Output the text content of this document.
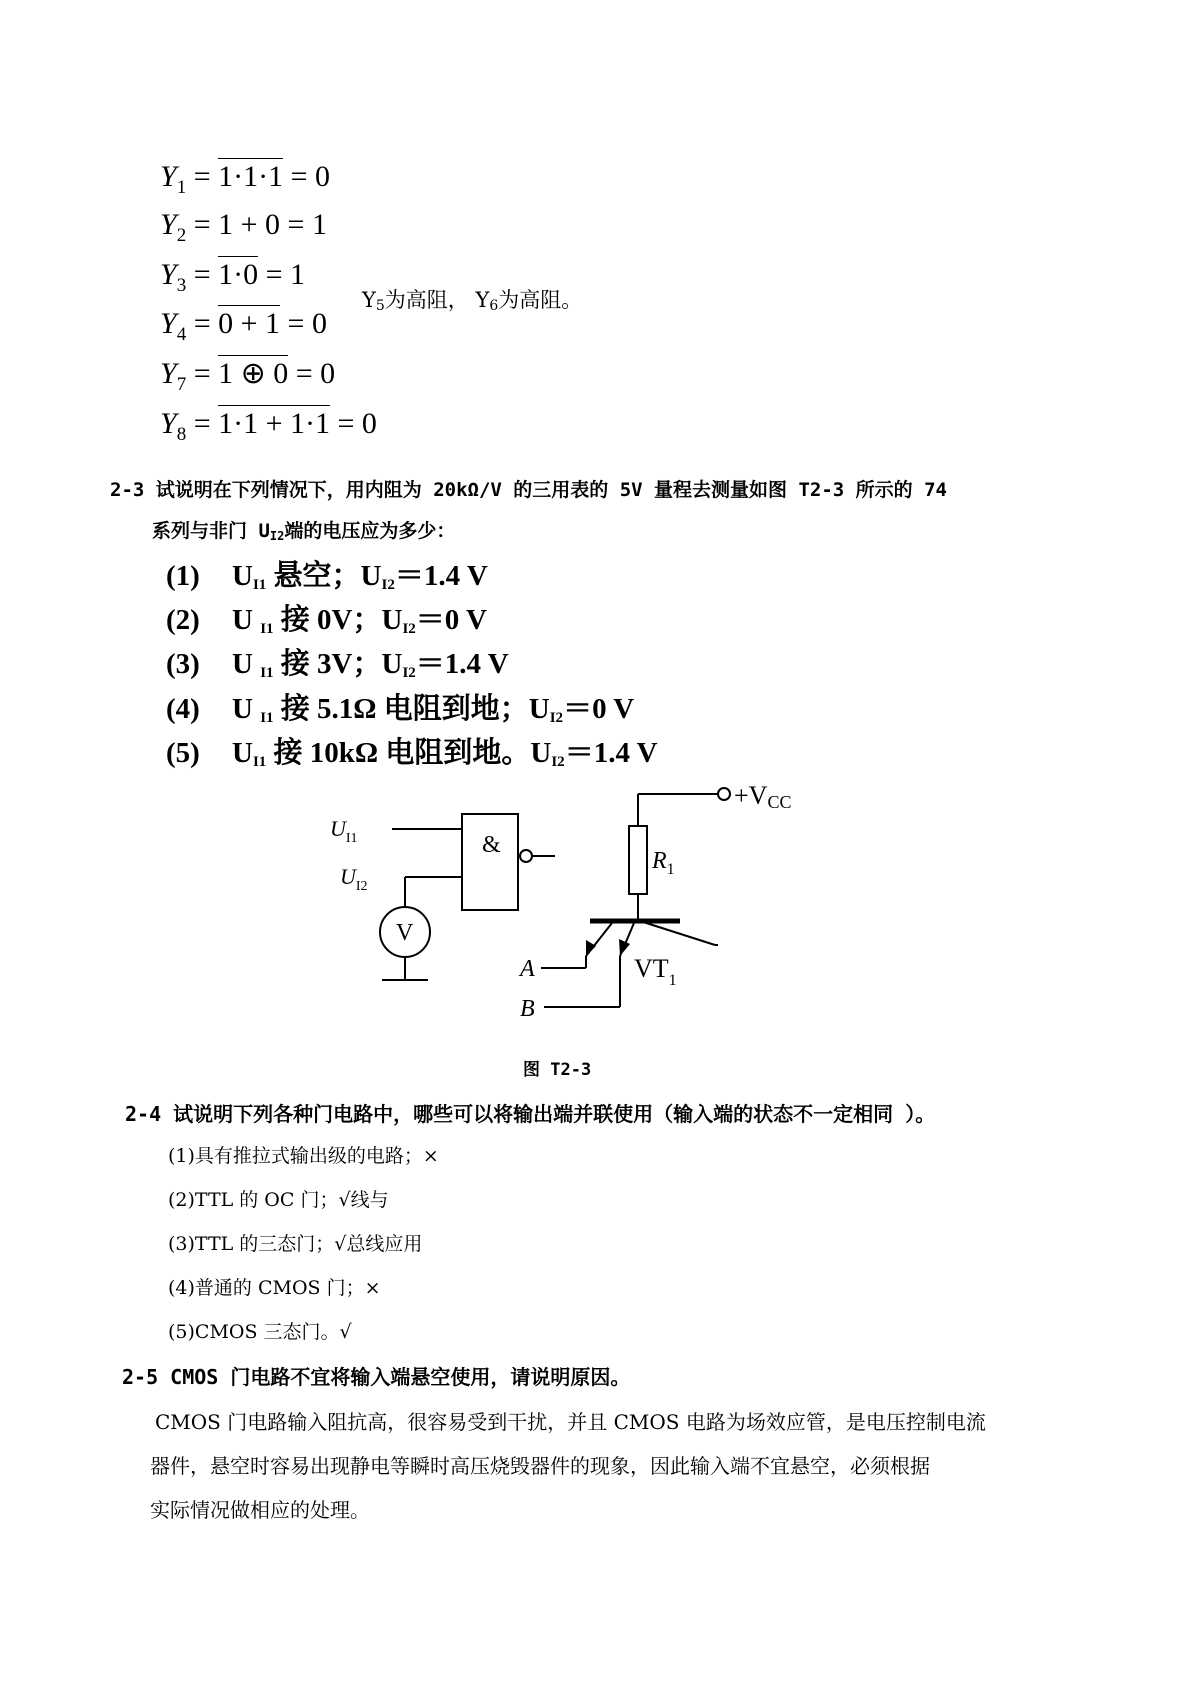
$Y_1 = 1\cdot 1\cdot 1 = 0$
$Y_2 = 1 + 0 = 1$
$Y_3 = 1\cdot 0 = 1$
$Y_4 = 0 + 1 = 0$
$Y_7 = 1$ ⊕ 0 = 0
$Y_8 = 1\cdot 1 + 1\cdot 1 = 0$
$Y_5$为高阻， $Y_6$为高阻。
2-3 试说明在下列情况下，用内阻为 20kΩ/V 的三用表的 5V 量程去测量如图 T2-3 所示的 74
系列与非门 $U_{I2}$端的电压应为多少：
(1) $U_{I1}$ 悬空；$U_{I2}=1.4$ V
(2) U $_{I1}$ 接 0V；$U_{I2}=0$ V
(3) U $_{I1}$ 接 3V；$U_{I2}=1.4$ V
(4) U $_{I1}$ 接 5.1Ω 电阻到地；$U_{I2}=0$ V
(5) $U_{I1}$ 接 10kΩ 电阻到地。$U_{I2}=1.4$ V
$U_{I1}$
$U_{I2}$
&
V
+VCC
$R_1$
A
B
$VT_1$
图 T2-3
2-4 试说明下列各种门电路中，哪些可以将输出端并联使用（输入端的状态不一定相同 ）。
(1)具有推拉式输出级的电路；×
(2)TTL 的 OC 门；√线与
(3)TTL 的三态门；√总线应用
(4)普通的 CMOS 门；×
(5)CMOS 三态门。√
2-5 CMOS 门电路不宜将输入端悬空使用，请说明原因。
CMOS 门电路输入阻抗高，很容易受到干扰，并且 CMOS 电路为场效应管，是电压控制电流
器件，悬空时容易出现静电等瞬时高压烧毁器件的现象，因此输入端不宜悬空，必须根据
实际情况做相应的处理。
